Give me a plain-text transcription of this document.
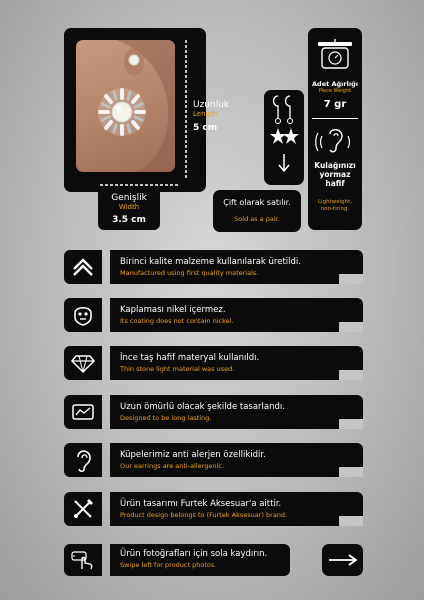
Uzunluk
Length
5 cm
Genişlik
Width
3.5 cm
Çift olarak satılır.
Sold as a pair.
Adet Ağırlığı
Piece Weight
7 gr
Kulağınızı
yormaz
hafif
Lightweight,
non-tiring.
Birinci kalite malzeme kullanılarak üretildi.
Manufactured using first quality materials.
Kaplaması nikel içermez.
Its coating does not contain nickel.
İnce taş hafif materyal kullanıldı.
Thin stone light material was used.
Uzun ömürlü olacak şekilde tasarlandı.
Designed to be long lasting.
Küpelerimiz anti alerjen özellikidir.
Our earrings are anti-allergenic.
Ürün tasarımı Furtek Aksesuar'a aittir.
Product design belongs to (Furtek Aksesuar) brand.
Ürün fotoğrafları için sola kaydırın.
Swipe left for product photos.
